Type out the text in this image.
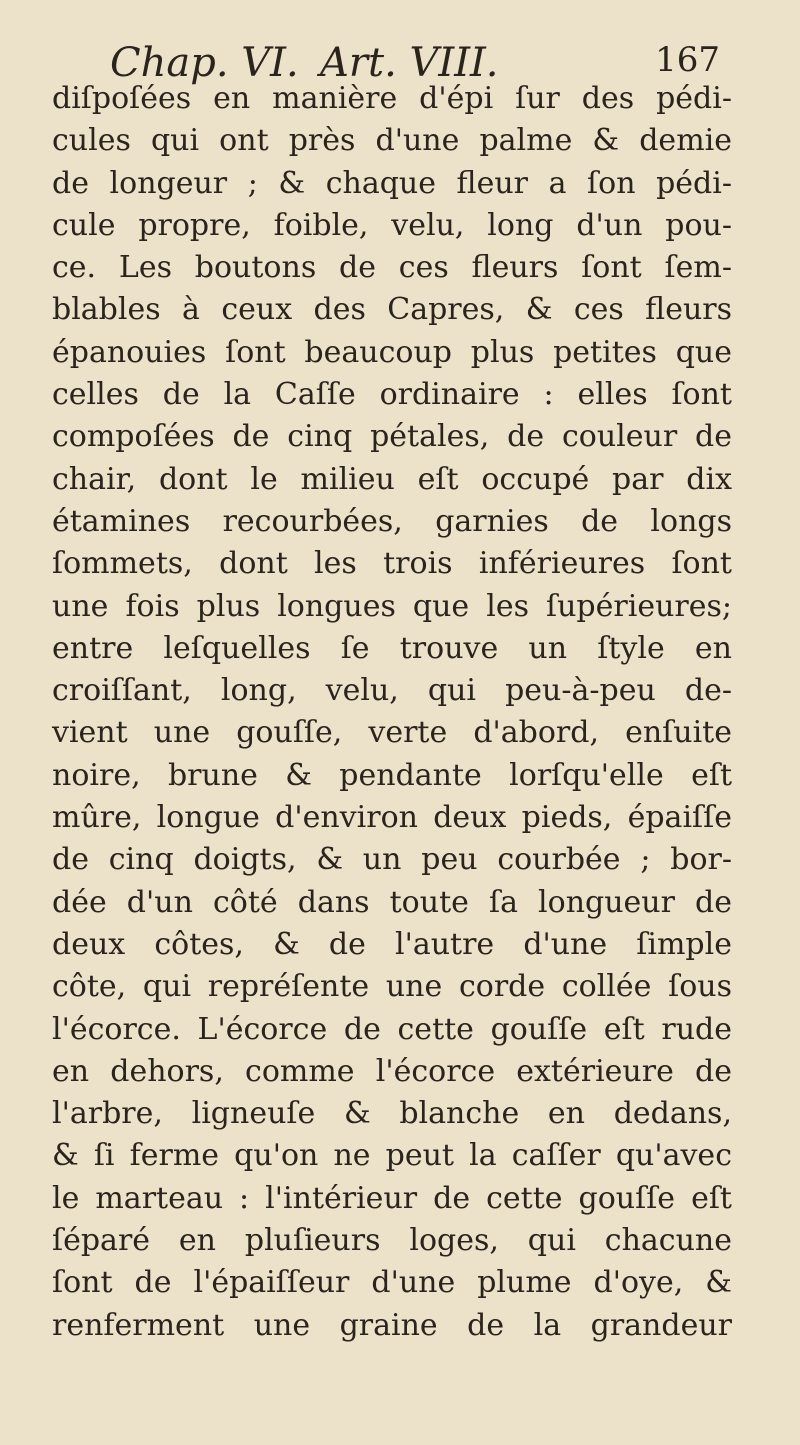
Chap. VI. Art. VIII.	167
diſpoſées en manière d'épi ſur des pédi-
cules qui ont près d'une palme & demie
de longeur ; & chaque fleur a ſon pédi-
cule propre, foible, velu, long d'un pou-
ce. Les boutons de ces fleurs ſont ſem-
blables à ceux des Capres, & ces fleurs
épanouies ſont beaucoup plus petites que
celles de la Caſſe ordinaire : elles ſont
compoſées de cinq pétales, de couleur de
chair, dont le milieu eſt occupé par dix
étamines recourbées, garnies de longs
ſommets, dont les trois inférieures ſont
une fois plus longues que les ſupérieures;
entre leſquelles ſe trouve un ſtyle en
croiſſant, long, velu, qui peu-à-peu de-
vient une gouſſe, verte d'abord, enſuite
noire, brune & pendante lorſqu'elle eſt
mûre, longue d'environ deux pieds, épaiſſe
de cinq doigts, & un peu courbée ; bor-
dée d'un côté dans toute ſa longueur de
deux côtes, & de l'autre d'une ſimple
côte, qui repréſente une corde collée ſous
l'écorce. L'écorce de cette gouſſe eſt rude
en dehors, comme l'écorce extérieure de
l'arbre, ligneuſe & blanche en dedans,
& ſi ferme qu'on ne peut la caſſer qu'avec
le marteau : l'intérieur de cette gouſſe eſt
ſéparé en pluſieurs loges, qui chacune
ſont de l'épaiſſeur d'une plume d'oye, &
renferment une graine de la grandeur
